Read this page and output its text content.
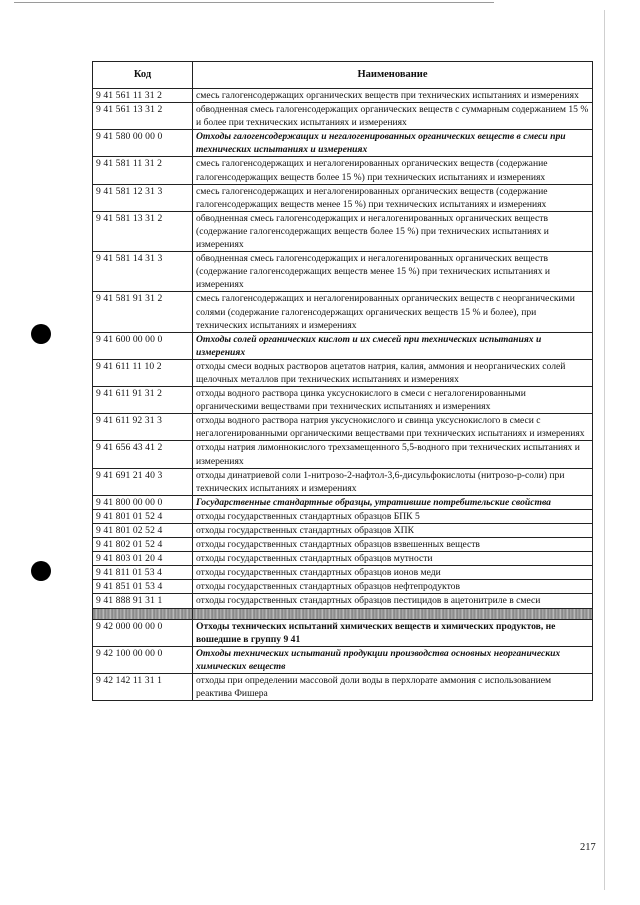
Код	Наименование
9 41 561 11 31 2	смесь галогенсодержащих органических веществ при технических испытаниях и измерениях
9 41 561 13 31 2	обводненная смесь галогенсодержащих органических веществ с суммарным содержанием 15 % и более при технических испытаниях и измерениях
9 41 580 00 00 0	Отходы галогенсодержащих и негалогенированных органических веществ в смеси при технических испытаниях и измерениях
9 41 581 11 31 2	смесь галогенсодержащих и негалогенированных органических веществ (содержание галогенсодержащих веществ более 15 %) при технических испытаниях и измерениях
9 41 581 12 31 3	смесь галогенсодержащих и негалогенированных органических веществ (содержание галогенсодержащих веществ менее 15 %) при технических испытаниях и измерениях
9 41 581 13 31 2	обводненная смесь галогенсодержащих и негалогенированных органических веществ (содержание галогенсодержащих веществ более 15 %) при технических испытаниях и измерениях
9 41 581 14 31 3	обводненная смесь галогенсодержащих и негалогенированных органических веществ (содержание галогенсодержащих веществ менее 15 %) при технических испытаниях и измерениях
9 41 581 91 31 2	смесь галогенсодержащих и негалогенированных органических веществ с неорганическими солями (содержание галогенсодержащих органических веществ 15 % и более), при технических испытаниях и измерениях
9 41 600 00 00 0	Отходы солей органических кислот и их смесей при технических испытаниях и измерениях
9 41 611 11 10 2	отходы смеси водных растворов ацетатов натрия, калия, аммония и неорганических солей щелочных металлов при технических испытаниях и измерениях
9 41 611 91 31 2	отходы водного раствора цинка уксуснокислого в смеси с негалогенированными органическими веществами при технических испытаниях и измерениях
9 41 611 92 31 3	отходы водного раствора натрия уксуснокислого и свинца уксуснокислого в смеси с негалогенированными органическими веществами при технических испытаниях и измерениях
9 41 656 43 41 2	отходы натрия лимоннокислого трехзамещенного 5,5-водного при технических испытаниях и измерениях
9 41 691 21 40 3	отходы динатриевой соли 1-нитрозо-2-нафтол-3,6-дисульфокислоты (нитрозо-р-соли) при технических испытаниях и измерениях
9 41 800 00 00 0	Государственные стандартные образцы, утратившие потребительские свойства
9 41 801 01 52 4	отходы государственных стандартных образцов БПК 5
9 41 801 02 52 4	отходы государственных стандартных образцов ХПК
9 41 802 01 52 4	отходы государственных стандартных образцов взвешенных веществ
9 41 803 01 20 4	отходы государственных стандартных образцов мутности
9 41 811 01 53 4	отходы государственных стандартных образцов ионов меди
9 41 851 01 53 4	отходы государственных стандартных образцов нефтепродуктов
9 41 888 91 31 1	отходы государственных стандартных образцов пестицидов в ацетонитриле в смеси

9 42 000 00 00 0	Отходы технических испытаний химических веществ и химических продуктов, не вошедшие в группу 9 41
9 42 100 00 00 0	Отходы технических испытаний продукции производства основных неорганических химических веществ
9 42 142 11 31 1	отходы при определении массовой доли воды в перхлорате аммония с использованием реактива Фишера
217
